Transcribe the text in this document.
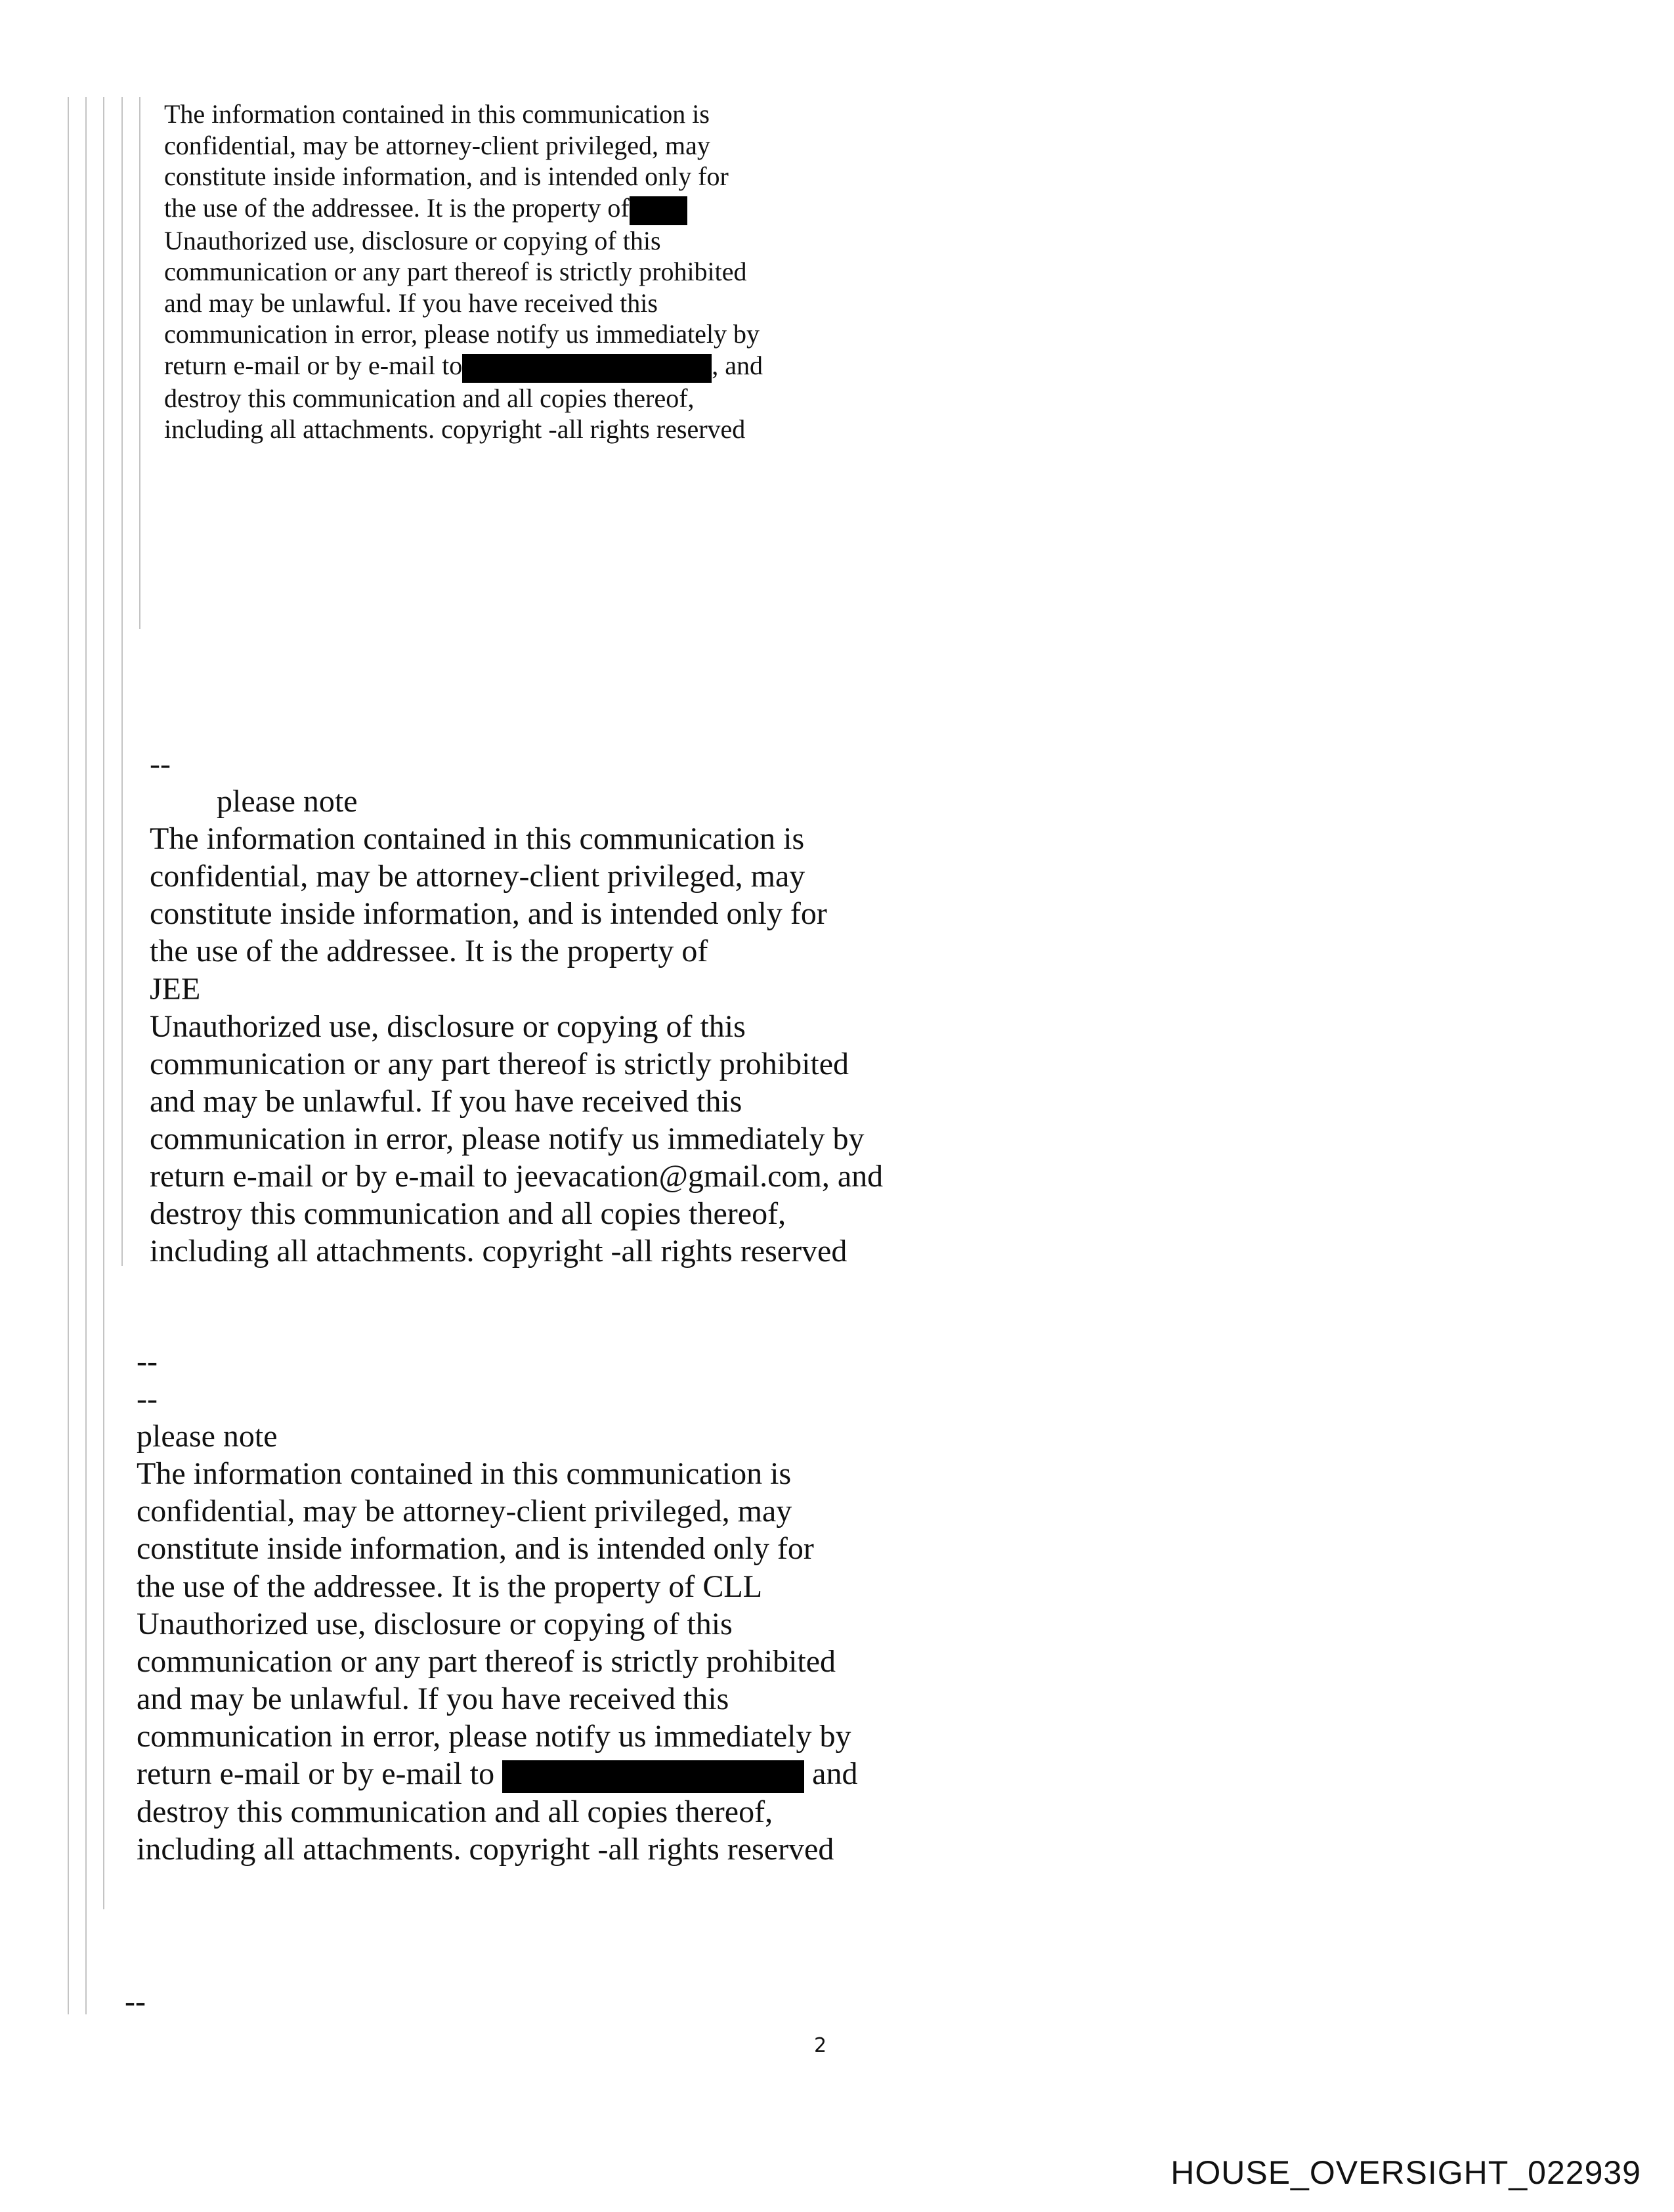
The information contained in this communication is
confidential, may be attorney-client privileged, may
constitute inside information, and is intended only for
the use of the addressee. It is the property of
Unauthorized use, disclosure or copying of this
communication or any part thereof is strictly prohibited
and may be unlawful. If you have received this
communication in error, please notify us immediately by
return e-mail or by e-mail to	, and
destroy this communication and all copies thereof,
including all attachments. copyright -all rights reserved
--
please note
The information contained in this communication is
confidential, may be attorney-client privileged, may
constitute inside information, and is intended only for
the use of the addressee. It is the property of
JEE
Unauthorized use, disclosure or copying of this
communication or any part thereof is strictly prohibited
and may be unlawful. If you have received this
communication in error, please notify us immediately by
return e-mail or by e-mail to jeevacation@gmail.com, and
destroy this communication and all copies thereof,
including all attachments. copyright -all rights reserved
--
--
please note
The information contained in this communication is
confidential, may be attorney-client privileged, may
constitute inside information, and is intended only for
the use of the addressee. It is the property of CLL
Unauthorized use, disclosure or copying of this
communication or any part thereof is strictly prohibited
and may be unlawful. If you have received this
communication in error, please notify us immediately by
return e-mail or by e-mail to	and
destroy this communication and all copies thereof,
including all attachments. copyright -all rights reserved
--
2
HOUSE_OVERSIGHT_022939
